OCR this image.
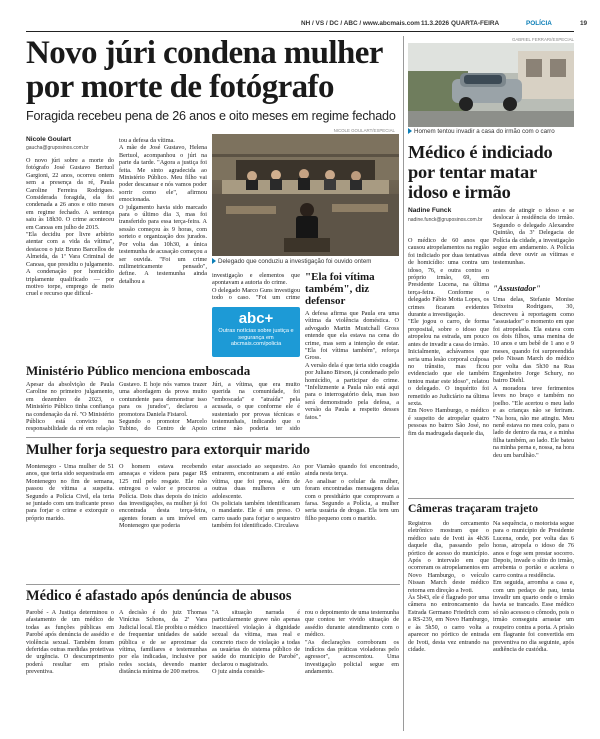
NH / VS / DC / ABC / www.abcmais.com 11.3.2026 QUARTA-FEIRA	POLÍCIA	19
Novo júri condena mulher
por morte de fotógrafo
Foragida recebeu pena de 26 anos e oito meses em regime fechado
NICOLE GOULART/ESPECIAL
Nicole Goulart
gaucha@gruposinos.com.br
O novo júri sobre a morte do fotógrafo José Gustavo Bertuol Gargioni, 22 anos, ocorreu ontem sem a presença da ré, Paula Caroline Ferreira Rodrigues. Considerada foragida, ela foi condenada a 26 anos e oito meses em regime fechado. A sentença saiu às 18h30. O crime aconteceu em Canoas em julho de 2015.
"Ela decidiu por livre arbítrio atentar com a vida da vítima", destacou o juiz Bruno Barcellos de Almeida, da 1ª Vara Criminal de Canoas, que presidiu o julgamento. A condenação por homicídio triplamente qualificado — por motivo torpe, emprego de meio cruel e recurso que dificul-
tou a defesa da vítima.
A mãe de José Gustavo, Helena Bertuol, acompanhou o júri na parte da tarde. "Agora a justiça foi feita. Me sinto agradecida ao Ministério Público. Meu filho vai poder descansar e nós vamos poder sorrir como ele", afirmou emocionada.
O julgamento havia sido marcado para o último dia 3, mas foi transferido para essa terça-feira. A sessão começou às 9 horas, com sorteio e organização dos jurados. Por volta das 10h30, a única testemunha de acusação começou a ser ouvida. "Foi um crime milimetricamente pensado", define. A testemunha ainda detalhou a
Delegado que conduziu a investigação foi ouvido ontem
investigação e elementos que apontavam a autoria do crime.
O delegado Marco Guns investigou todo o caso. "Foi um crime
abc+
Outras notícias sobre justiça e segurança em abcmais.com/policia
"Ela foi vítima também", diz defensor
A defesa afirma que Paula era uma vítima da violência doméstica. O advogado Martin Mustchall Gross entende que ela estava na cena do crime, mas sem a intenção de estar. "Ela foi vítima também", reforça Gross.
A versão dela é que teria sido coagida por Juliano Birson, já condenado pelo homicídio, a participar do crime. "Infelizmente a Paula não está aqui para o interrogatório dela, mas isso será demonstrado pela defesa, a versão da Paula a respeito desses fatos."
Ministério Público menciona emboscada
Apesar da absolvição de Paula Caroline no primeiro julgamento, em dezembro de 2023, o Ministério Público tinha confiança na condenação da ré. "O Ministério Público está convicto na responsabilidade da ré em relação
Gustavo. E hoje nós vamos trazer uma abordagem da prova muito contundente para demonstrar isso para os jurados", declarou a promotora Daniela Fistarol.
Segundo o promotor Marcelo Tubino, do Centro de Apoio
Júri, a vítima, que era muito querida na comunidade, foi "emboscada" e "atraída" pela acusada, o que conforme ele é sustentado por provas técnicas e testemunhais, indicando que o crime não poderia ter sido
Mulher forja sequestro para extorquir marido
Montenegro - Uma mulher de 51 anos, que teria sido sequestrada em Montenegro no fim de semana, passou de vítima a suspeita. Segundo a Polícia Civil, ela teria se juntado com um traficante preso para forjar o crime e extorquir o próprio marido.
O homem estava recebendo ameaças e vídeos para pagar R$ 125 mil pelo resgate. Ele não entregou o valor e procurou a Polícia. Dois dias depois do início das investigações, ea mulher já foi encontrada desta terça-feira, agentes foram a um imóvel em Montenegro que poderia
estar associado ao sequestro. Ao entrarem, encontraram a até então vítima, que foi presa, além de outras duas mulheres e um adolescente.
Os policiais também identificaram o mandante. Ele é um preso. O carro usado para forjar o sequestro também foi identificado. Circulava
por Viamão quando foi encontrado, ainda nesta terça.
Ao analisar o celular da mulher, foram encontradas mensagens delas com o presidiário que comprovam a farsa. Segundo a Polícia, a mulher seria usuária de drogas. Ela tem um filho pequeno com o marido.
Médico é afastado após denúncia de abusos
Parobé - A Justiça determinou o afastamento de um médico de todas as funções públicas em Parobé após denúncia de assédio e violência sexual. Também foram deferidas outras medidas protetivas de urgência. O descumprimento poderá resultar em prisão preventiva.
A decisão é do juiz Thomas Vinícius Schons, da 2ª Vara Judicial local. Ele proibiu o médico de frequentar unidades de saúde pública e de se aproximar da vítima, familiares e testemunhas por ela indicadas, inclusive por redes sociais, devendo manter distância mínima de 200 metros.
"A situação narrada é particularmente grave não apenas inaceitável violação à dignidade sexual da vítima, mas real e concreto risco de violação a todas as usuárias do sistema público de saúde do município de Parobé", declarou o magistrado.
O juiz ainda conside-
rou o depoimento de uma testemunha que contou ter vivido situação de assédio durante atendimento com o médico.
"As declarações corroboram os indícios das práticas violadoras pelo agressor", acrescentou. Uma investigação policial segue em andamento.
GABRIEL FERRARI/ESPECIAL
Homem tentou invadir a casa do irmão com o carro
Médico é indiciado por tentar matar idoso e irmão
Nadine Funck
nadine.funck@gruposinos.com.br
O médico de 60 anos que causou atropelamentos na região foi indiciado por duas tentativas de homicídio: uma contra um idoso, 76, e outra contra o próprio irmão, 69, em Presidente Lucena, na última terça-feira. Conforme o delegado Fábio Motta Lopes, os crimes ficaram evidentes durante a investigação.
"Ele jogou o carro, de forma proposital, sobre o idoso que atropelou na estrada, um pouco antes de invadir a casa do irmão. Inicialmente, achávamos que seria uma lesão corporal culposa no trânsito, mas ficou evidenciado que ele também tentou matar este idoso", relatou o delegado. O inquérito foi remetido ao Judiciário na última sexta.
Em Novo Hamburgo, o médico é suspeito de atropelar quatro pessoas no bairro São José, no fim da madrugada daquele dia,
antes de atingir o idoso e se deslocar à residência do irmão. Segundo o delegado Alexandre Quintão, da 3ª Delegacia de Polícia da cidade, a investigação segue em andamento. A Polícia ainda deve ouvir as vítimas e testemunhas.
"Assustador"
Uma delas, Stefanie Monise Teixeira Rodrigues, 30, descreveu à reportagem como "assustador" o momento em que foi atropelada. Ela estava com os dois filhos, uma menina de 10 anos e um bebê de 1 ano e 9 meses, quando foi surpreendida pelo Nissan March do médico por volta das 5h30 na Rua Engenheiro Jorge Schury, no bairro Diehl.
A moradora teve ferimentos leves no braço e também no joelho. "Ele acertou o meu lado e as crianças não se feriram. "Na hora, não me atingiu. Meu nenê estava no meu colo, para o lado de dentro da rua, e a minha filha também, ao lado. Ele bateu na minha perna e, nossa, na hora deu um barulhão."
Câmeras traçaram trajeto
Registros do cercamento eletrônico mostram que o médico saiu de Ivoti às 4h36 daquele dia, passando pelo pórtico de acesso do município. Após o intervalo em que ocorreram os atropelamentos em Novo Hamburgo, o veículo Nissan March deste médico retorna em direção a Ivoti.
Às 5h43, ele é flagrado por uma câmera no entroncamento da Estrada Germano Friedrich com a RS-239, em Novo Hamburgo, e às 5h50, o carro volta a aparecer no pórtico de entrada de Ivoti, desta vez entrando na cidade.
Na sequência, o motorista segue para o município de Presidente Lucena, onde, por volta das 6 horas, atropela o idoso de 76 anos e foge sem prestar socorro. Depois, invade o sítio do irmão, arrebenta o portão e acelera o carro contra a residência.
Em seguida, arromba a casa e, com um pedaço de pau, tenta invadir um quarto onde o irmão havia se trancado. Esse médico só não acessou o cômodo, pois o irmão conseguiu arrastar um roupeiro contra a porta. A prisão em flagrante foi convertida em preventiva no dia seguinte, após audiência de custódia.
